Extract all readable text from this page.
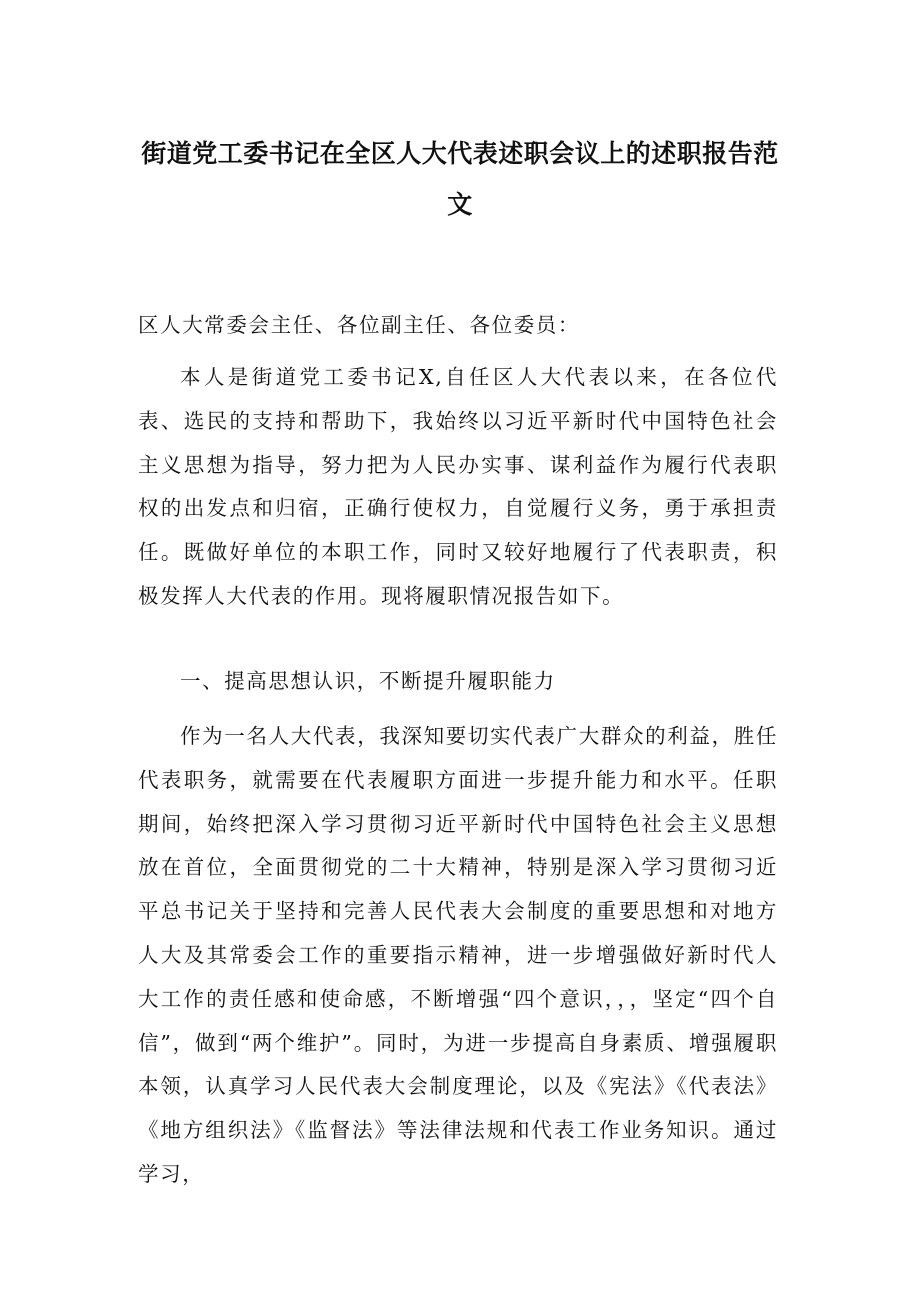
街道党工委书记在全区人大代表述职会议上的述职报告范文

区人大常委会主任、各位副主任、各位委员：

本人是街道党工委书记X,自任区人大代表以来，在各位代表、选民的支持和帮助下，我始终以习近平新时代中国特色社会主义思想为指导，努力把为人民办实事、谋利益作为履行代表职权的出发点和归宿，正确行使权力，自觉履行义务，勇于承担责任。既做好单位的本职工作，同时又较好地履行了代表职责，积极发挥人大代表的作用。现将履职情况报告如下。

一、提高思想认识，不断提升履职能力

作为一名人大代表，我深知要切实代表广大群众的利益，胜任代表职务，就需要在代表履职方面进一步提升能力和水平。任职期间，始终把深入学习贯彻习近平新时代中国特色社会主义思想放在首位，全面贯彻党的二十大精神，特别是深入学习贯彻习近平总书记关于坚持和完善人民代表大会制度的重要思想和对地方人大及其常委会工作的重要指示精神，进一步增强做好新时代人大工作的责任感和使命感，不断增强“四个意识，，，坚定“四个自信”，做到“两个维护”。同时，为进一步提高自身素质、增强履职本领，认真学习人民代表大会制度理论，以及《宪法》《代表法》《地方组织法》《监督法》等法律法规和代表工作业务知识。通过学习，
